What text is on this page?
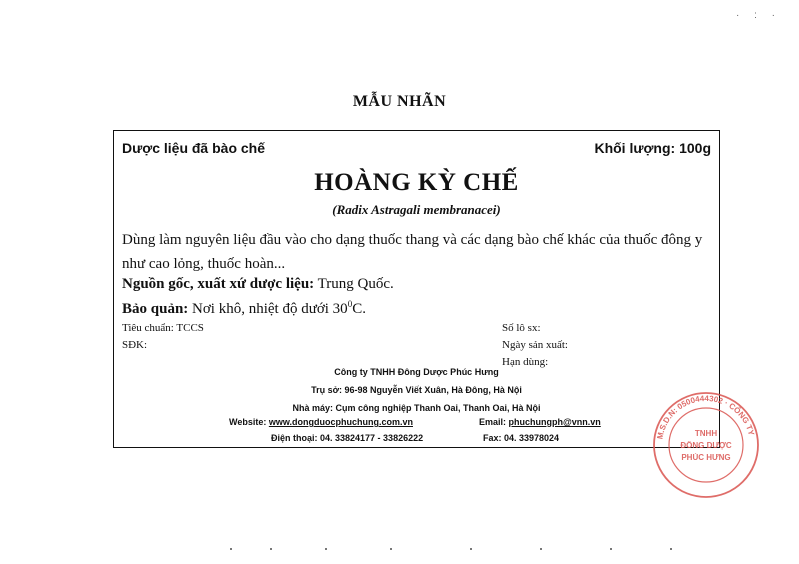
· : ·
MẪU NHÃN
Dược liệu đã bào chế	Khối lượng: 100g
HOÀNG KỲ CHẾ
(Radix Astragali membranacei)
Dùng làm nguyên liệu đầu vào cho dạng thuốc thang và các dạng bào chế khác của thuốc đông y như cao lỏng, thuốc hoàn...
Nguồn gốc, xuất xứ dược liệu: Trung Quốc.
Bảo quản: Nơi khô, nhiệt độ dưới $30^0C$.
Tiêu chuẩn: TCCS
SĐK:
Số lô sx:
Ngày sản xuất:
Hạn dùng:
Công ty TNHH Đông Dược Phúc Hưng
Trụ sở: 96-98 Nguyễn Viết Xuân, Hà Đông, Hà Nội
Nhà máy: Cụm công nghiệp Thanh Oai, Thanh Oai, Hà Nội
Website: www.dongduocphuchung.com.vn	Email: phuchungph@vnn.vn
Điện thoại: 04. 33824177 - 33826222	Fax: 04. 33978024	M.S.D.N: 0500444302 · CÔNG TY
TNHH
ĐÔNG DƯỢC
PHÚC HƯNG
